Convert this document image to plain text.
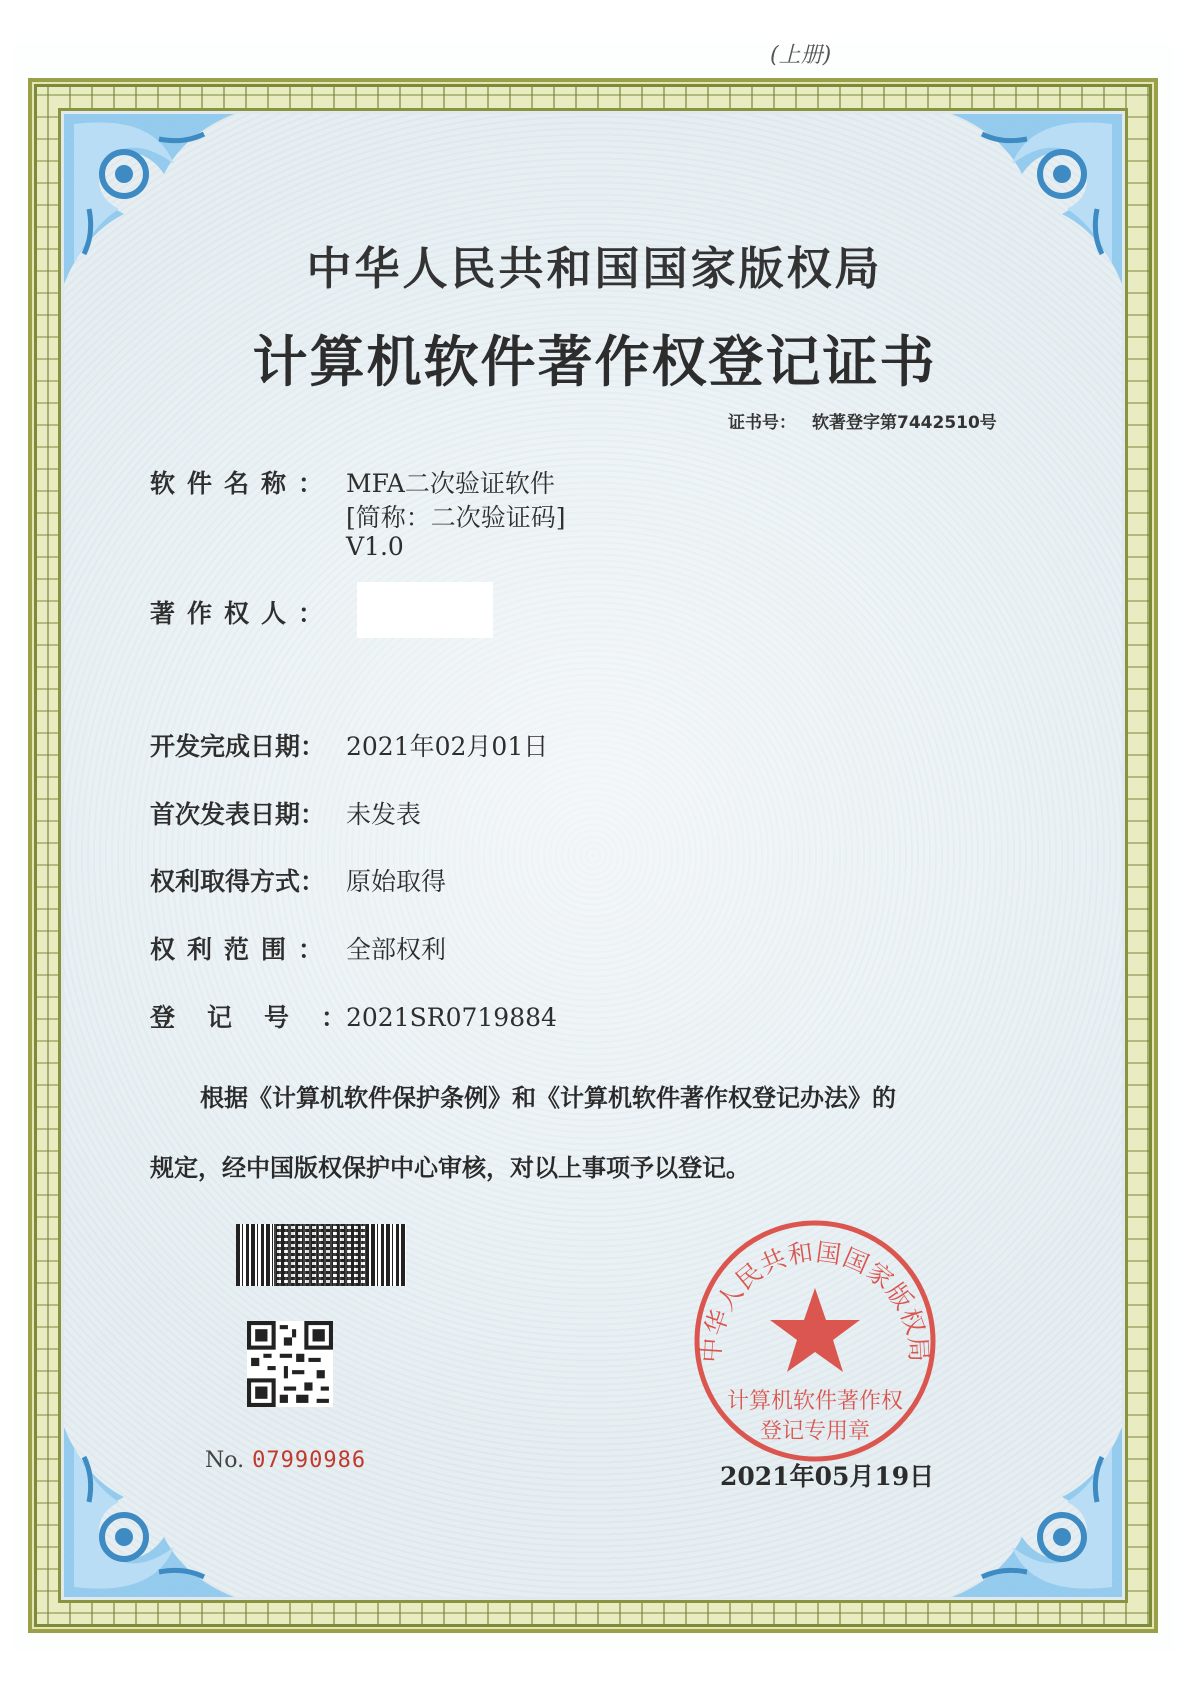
(上册)
中华人民共和国国家版权局
计算机软件著作权登记证书
证书号： 软著登字第7442510号
软件名称： MFA二次验证软件
[简称：二次验证码]
V1.0
著作权人：
开发完成日期： 2021年02月01日
首次发表日期： 未发表
权利取得方式： 原始取得
权利范围： 全部权利
登记号：2021SR0719884
根据《计算机软件保护条例》和《计算机软件著作权登记办法》的
规定，经中国版权保护中心审核，对以上事项予以登记。
No. 07990986
中华人民共和国国家版权局
计算机软件著作权
登记专用章
2021年05月19日
